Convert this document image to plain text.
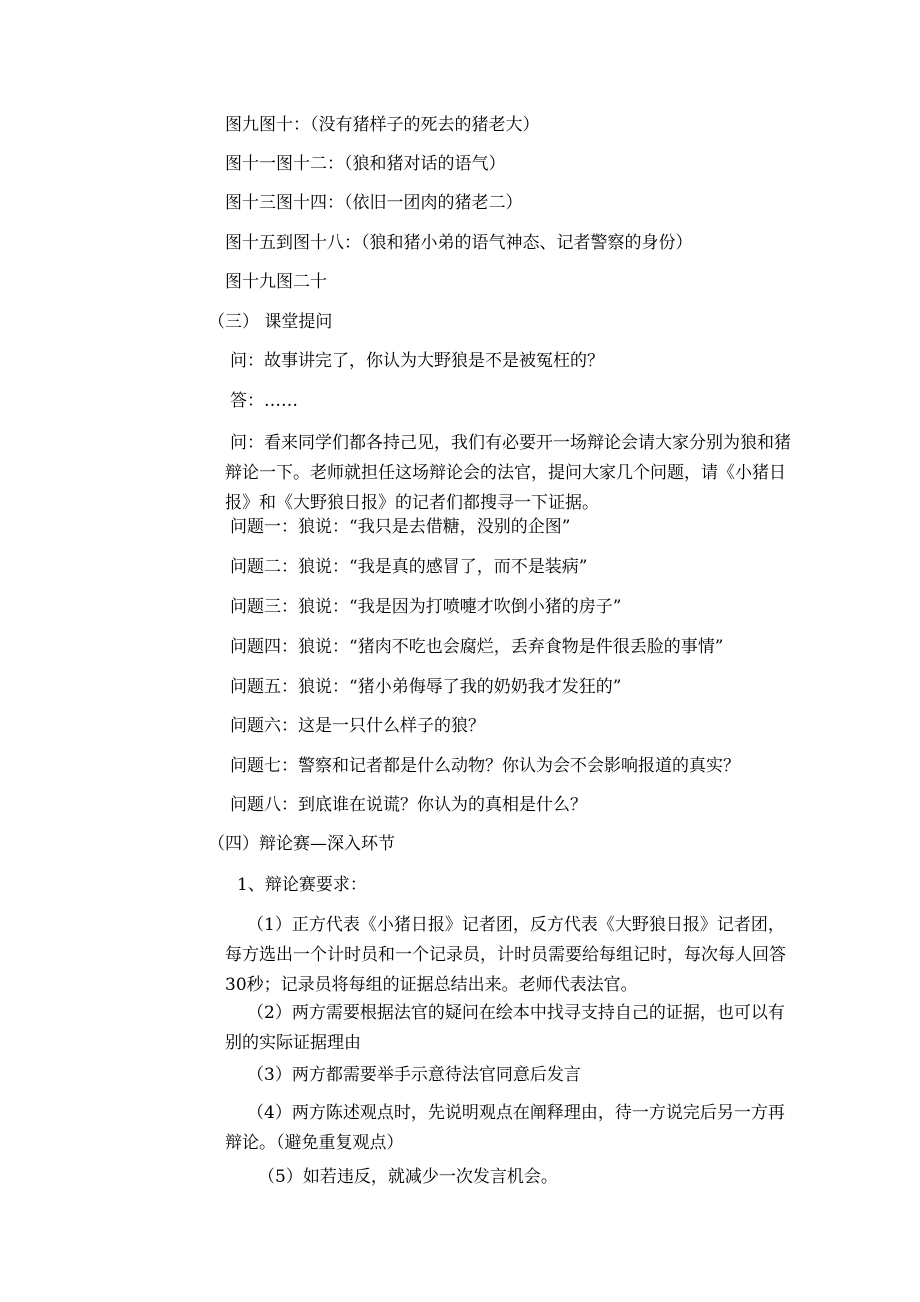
图九图十：（没有猪样子的死去的猪老大）
图十一图十二：（狼和猪对话的语气）
图十三图十四：（依旧一团肉的猪老二）
图十五到图十八：（狼和猪小弟的语气神态、记者警察的身份）
图十九图二十
（三） 课堂提问
问：故事讲完了，你认为大野狼是不是被冤枉的？
答：……
问：看来同学们都各持己见，我们有必要开一场辩论会请大家分别为狼和猪辩论一下。老师就担任这场辩论会的法官，提问大家几个问题，请《小猪日报》和《大野狼日报》的记者们都搜寻一下证据。
问题一：狼说：“我只是去借糖，没别的企图”
问题二：狼说：“我是真的感冒了，而不是装病”
问题三：狼说：“我是因为打喷嚏才吹倒小猪的房子”
问题四：狼说：“猪肉不吃也会腐烂，丢弃食物是件很丢脸的事情”
问题五：狼说：“猪小弟侮辱了我的奶奶我才发狂的”
问题六：这是一只什么样子的狼？
问题七：警察和记者都是什么动物？你认为会不会影响报道的真实？
问题八：到底谁在说谎？你认为的真相是什么？
（四）辩论赛—深入环节
1、辩论赛要求：
（1）正方代表《小猪日报》记者团，反方代表《大野狼日报》记者团，每方选出一个计时员和一个记录员，计时员需要给每组记时，每次每人回答30秒；记录员将每组的证据总结出来。老师代表法官。
（2）两方需要根据法官的疑问在绘本中找寻支持自己的证据，也可以有别的实际证据理由
（3）两方都需要举手示意待法官同意后发言
（4）两方陈述观点时，先说明观点在阐释理由，待一方说完后另一方再辩论。（避免重复观点）
（5）如若违反，就减少一次发言机会。
